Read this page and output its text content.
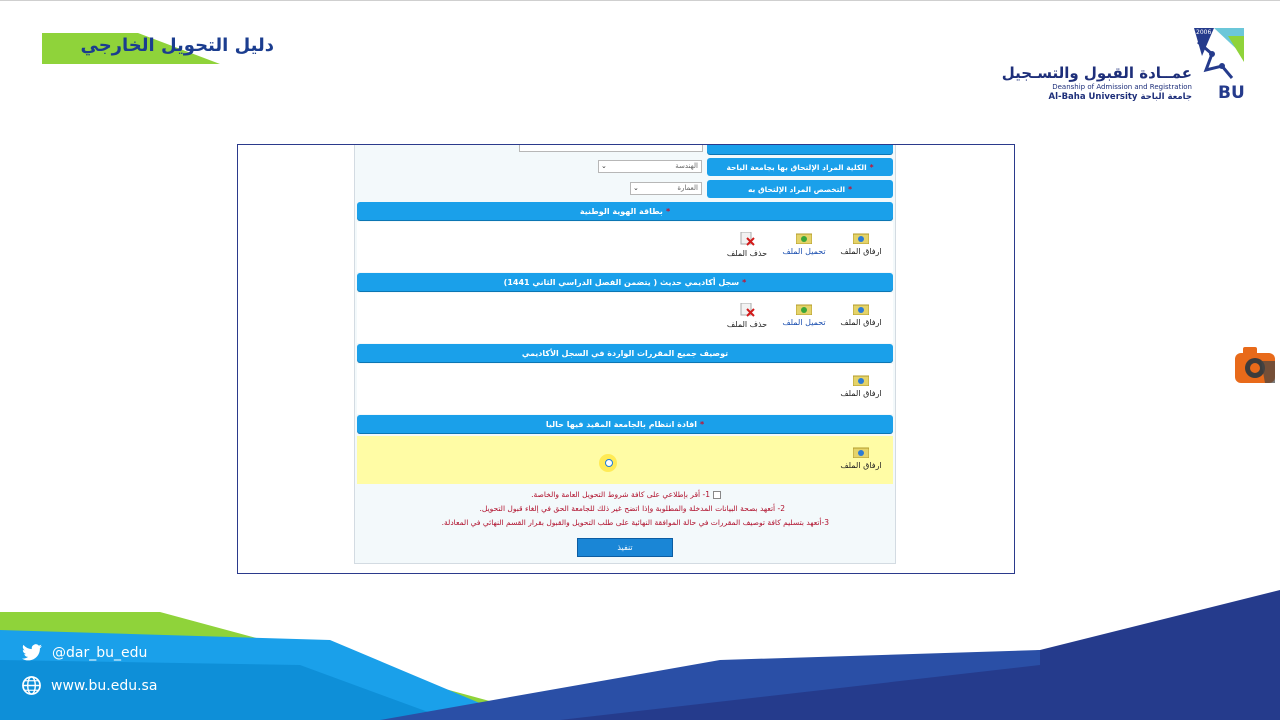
دليل التحويل الخارجي
2006
BU
عمــادة القبول والتسـجيل
Deanship of Admission and Registration
Al-Baha University جامعة الباحة
*
الكلية المراد الإلتحاق بها بجامعة الباحة
الهندسة
⌄
*
التخصص المراد الإلتحاق به
العمارة
⌄
*
بطاقة الهوية الوطنية
ارفاق الملف
تحميل الملف
حذف الملف
*
سجل أكاديمي حديث ( يتضمن الفصل الدراسي الثاني 1441)
ارفاق الملف
تحميل الملف
حذف الملف
توصيف جميع المقررات الواردة في السجل الأكاديمي
ارفاق الملف
*
افادة انتظام بالجامعة المقيد فيها حاليا
ارفاق الملف
1- أقر بإطلاعي على كافة شروط التحويل العامة والخاصة.
2- أتعهد بصحة البيانات المدخلة والمطلوبة وإذا اتضح غير ذلك للجامعة الحق في إلغاء قبول التحويل.
3-أتعهد بتسليم كافة توصيف المقررات في حالة الموافقة النهائية على طلب التحويل والقبول بقرار القسم النهائي في المعادلة.
تنفيذ
@dar_bu_edu
www.bu.edu.sa
